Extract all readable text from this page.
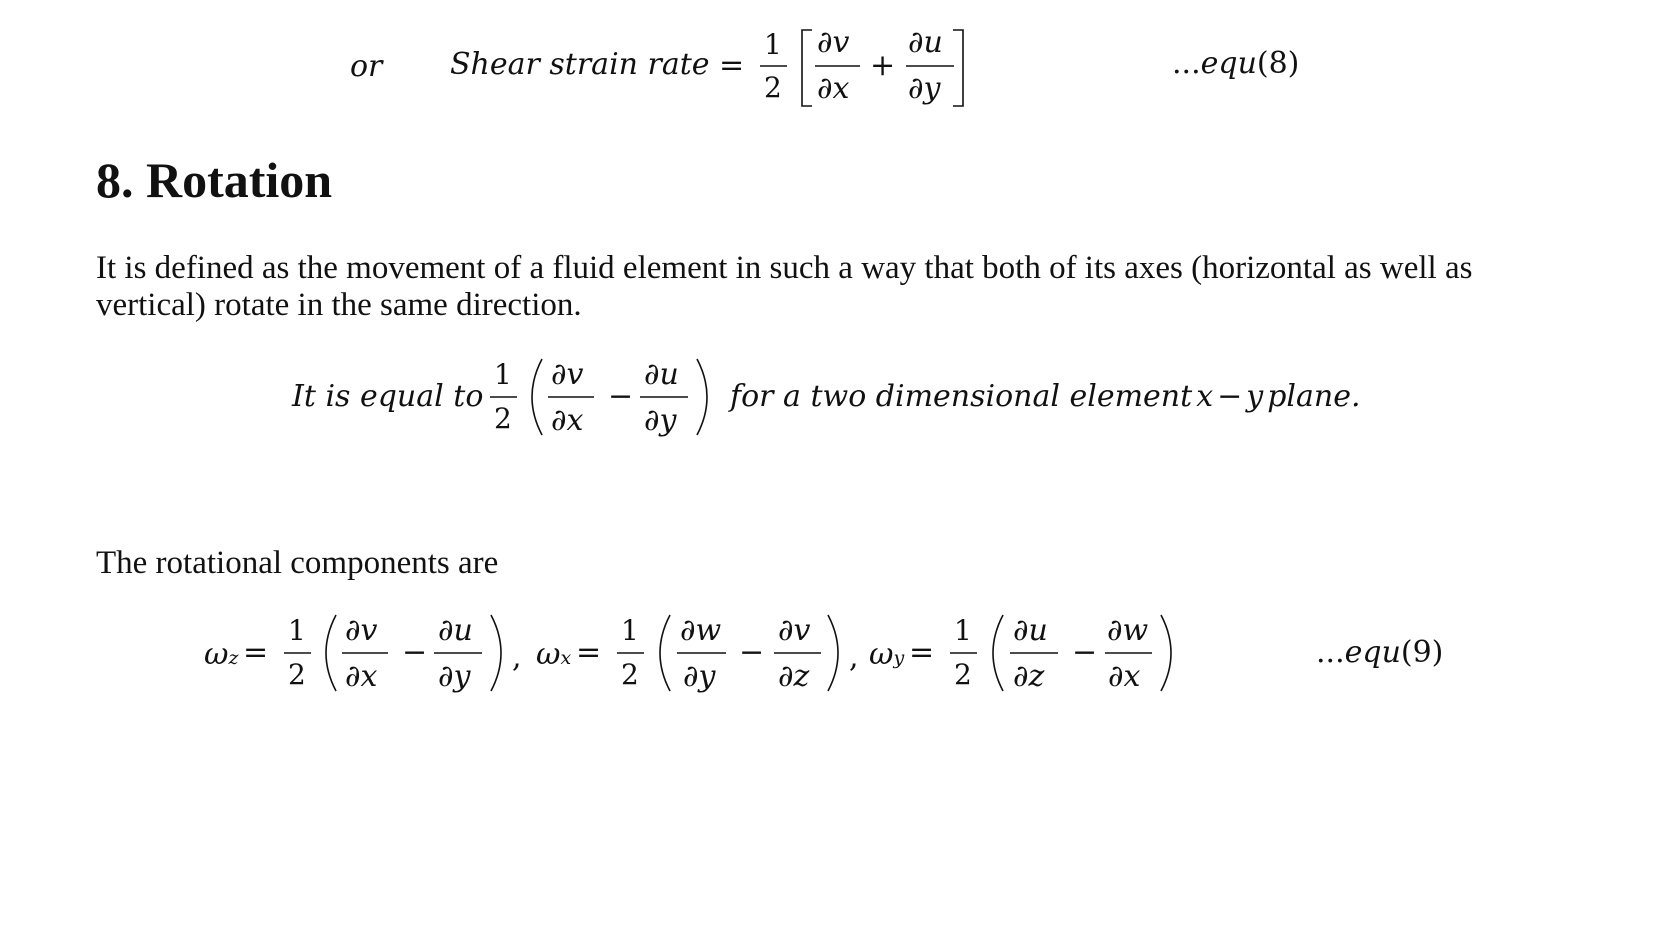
or Shear strain rate =
1
2
∂v
∂x
+
∂u
∂y
...equ(8)
8. Rotation
It is defined as the movement of a fluid element in such a way that both of its axes (horizontal as well as vertical) rotate in the same direction.
It is equal to
1
2
∂v
∂x
−
∂u
∂y
for a two dimensional element x − y plane.
The rotational components are
ωz =
1
2
∂v
∂x
−
∂u
∂y
, ωx =
1
2
∂w
∂y
−
∂v
∂z
, ωy =
1
2
∂u
∂z
−
∂w
∂x
...equ(9)
